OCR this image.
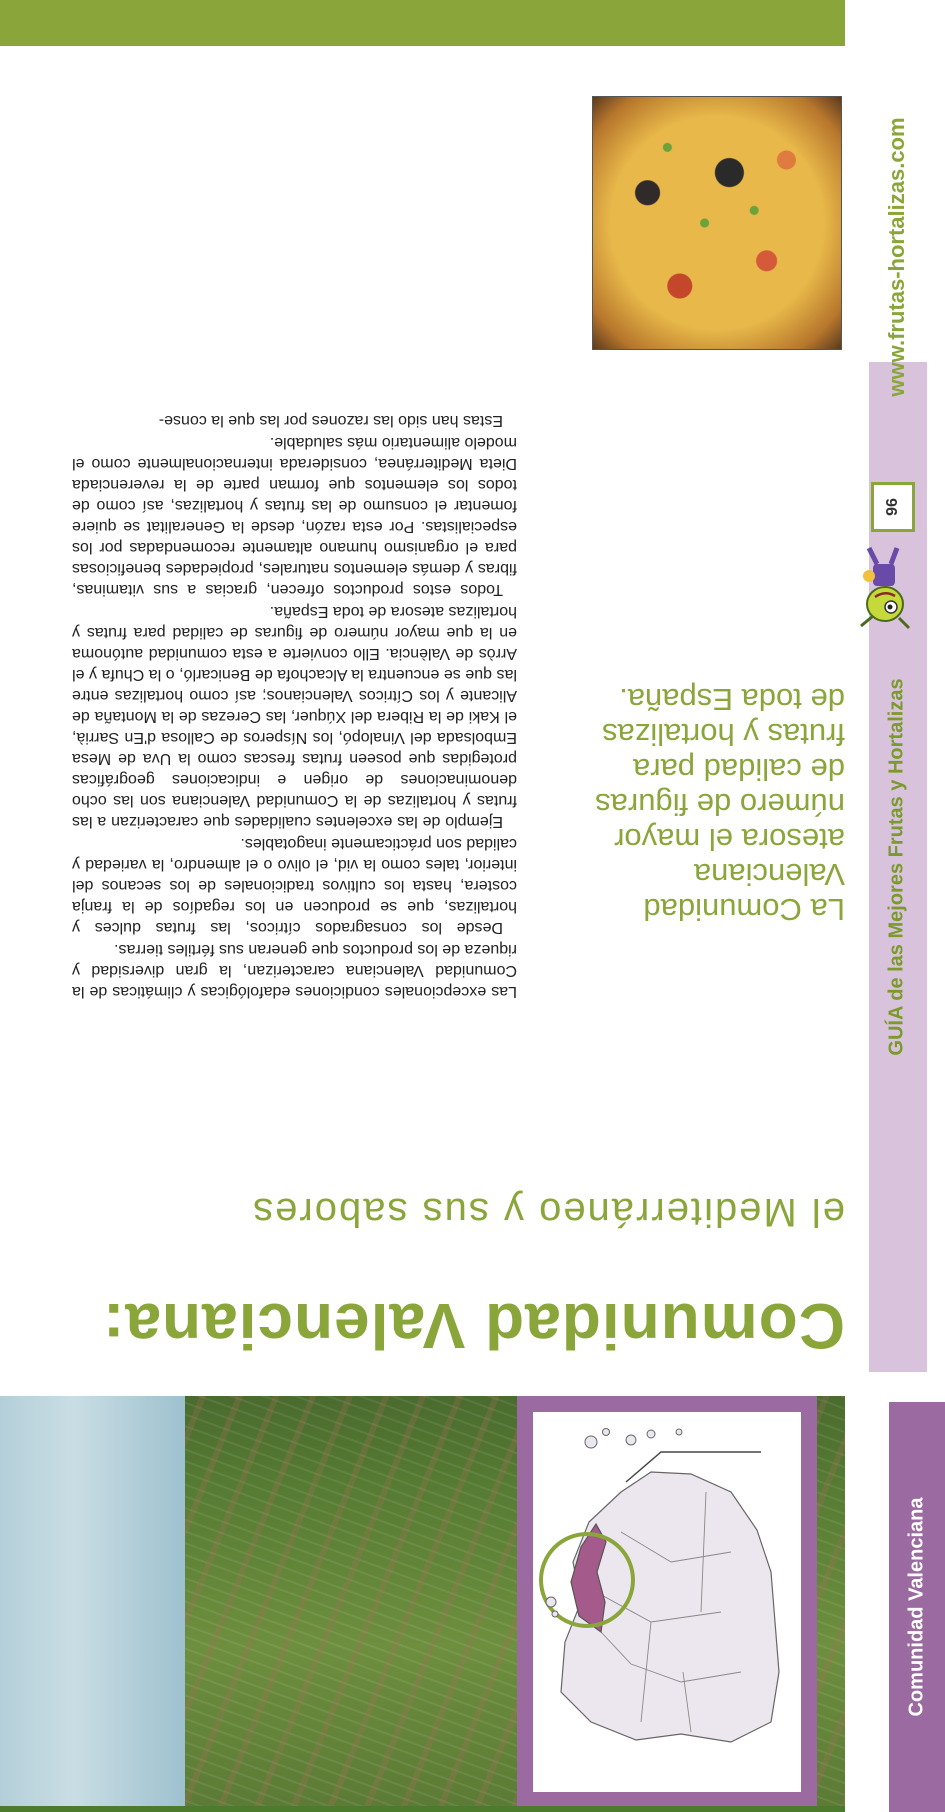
GUÍA de las Mejores Frutas y Hortalizas
www.frutas-hortalizas.com
96
Comunidad Valenciana
Comunidad Valenciana:
el Mediterráneo y sus sabores
La Comunidad Valenciana atesora el mayor número de figuras de calidad para frutas y hortalizas de toda España.

Las excepcionales condiciones edafológicas y climáticas de la Comunidad Valenciana caracterizan, la gran diversidad y riqueza de los productos que generan sus fértiles tierras.

Desde los consagrados cítricos, las frutas dulces y hortalizas, que se producen en los regadíos de la franja costera, hasta los cultivos tradicionales de los secanos del interior, tales como la vid, el olivo o el almendro, la variedad y calidad son prácticamente inagotables.

Ejemplo de las excelentes cualidades que caracterizan a las frutas y hortalizas de la Comunidad Valenciana son las ocho denominaciones de origen e indicaciones geográficas protegidas que poseen frutas frescas como la Uva de Mesa Embolsada del Vinalopó, los Nísperos de Callosa d'En Sarrià, el Kaki de la Ribera del Xúquer, las Cerezas de la Montaña de Alicante y los Cítricos Valencianos; así como hortalizas entre las que se encuentra la Alcachofa de Benicarló, o la Chufa y el Arròs de València. Ello convierte a esta comunidad autónoma en la que mayor número de figuras de calidad para frutas y hortalizas atesora de toda España.

Todos estos productos ofrecen, gracias a sus vitaminas, fibras y demás elementos naturales, propiedades beneficiosas para el organismo humano altamente recomendadas por los especialistas. Por esta razón, desde la Generalitat se quiere fomentar el consumo de las frutas y hortalizas, así como de todos los elementos que forman parte de la reverenciada Dieta Mediterránea, considerada internacionalmente como el modelo alimentario más saludable.

Estas han sido las razones por las que la conse-
